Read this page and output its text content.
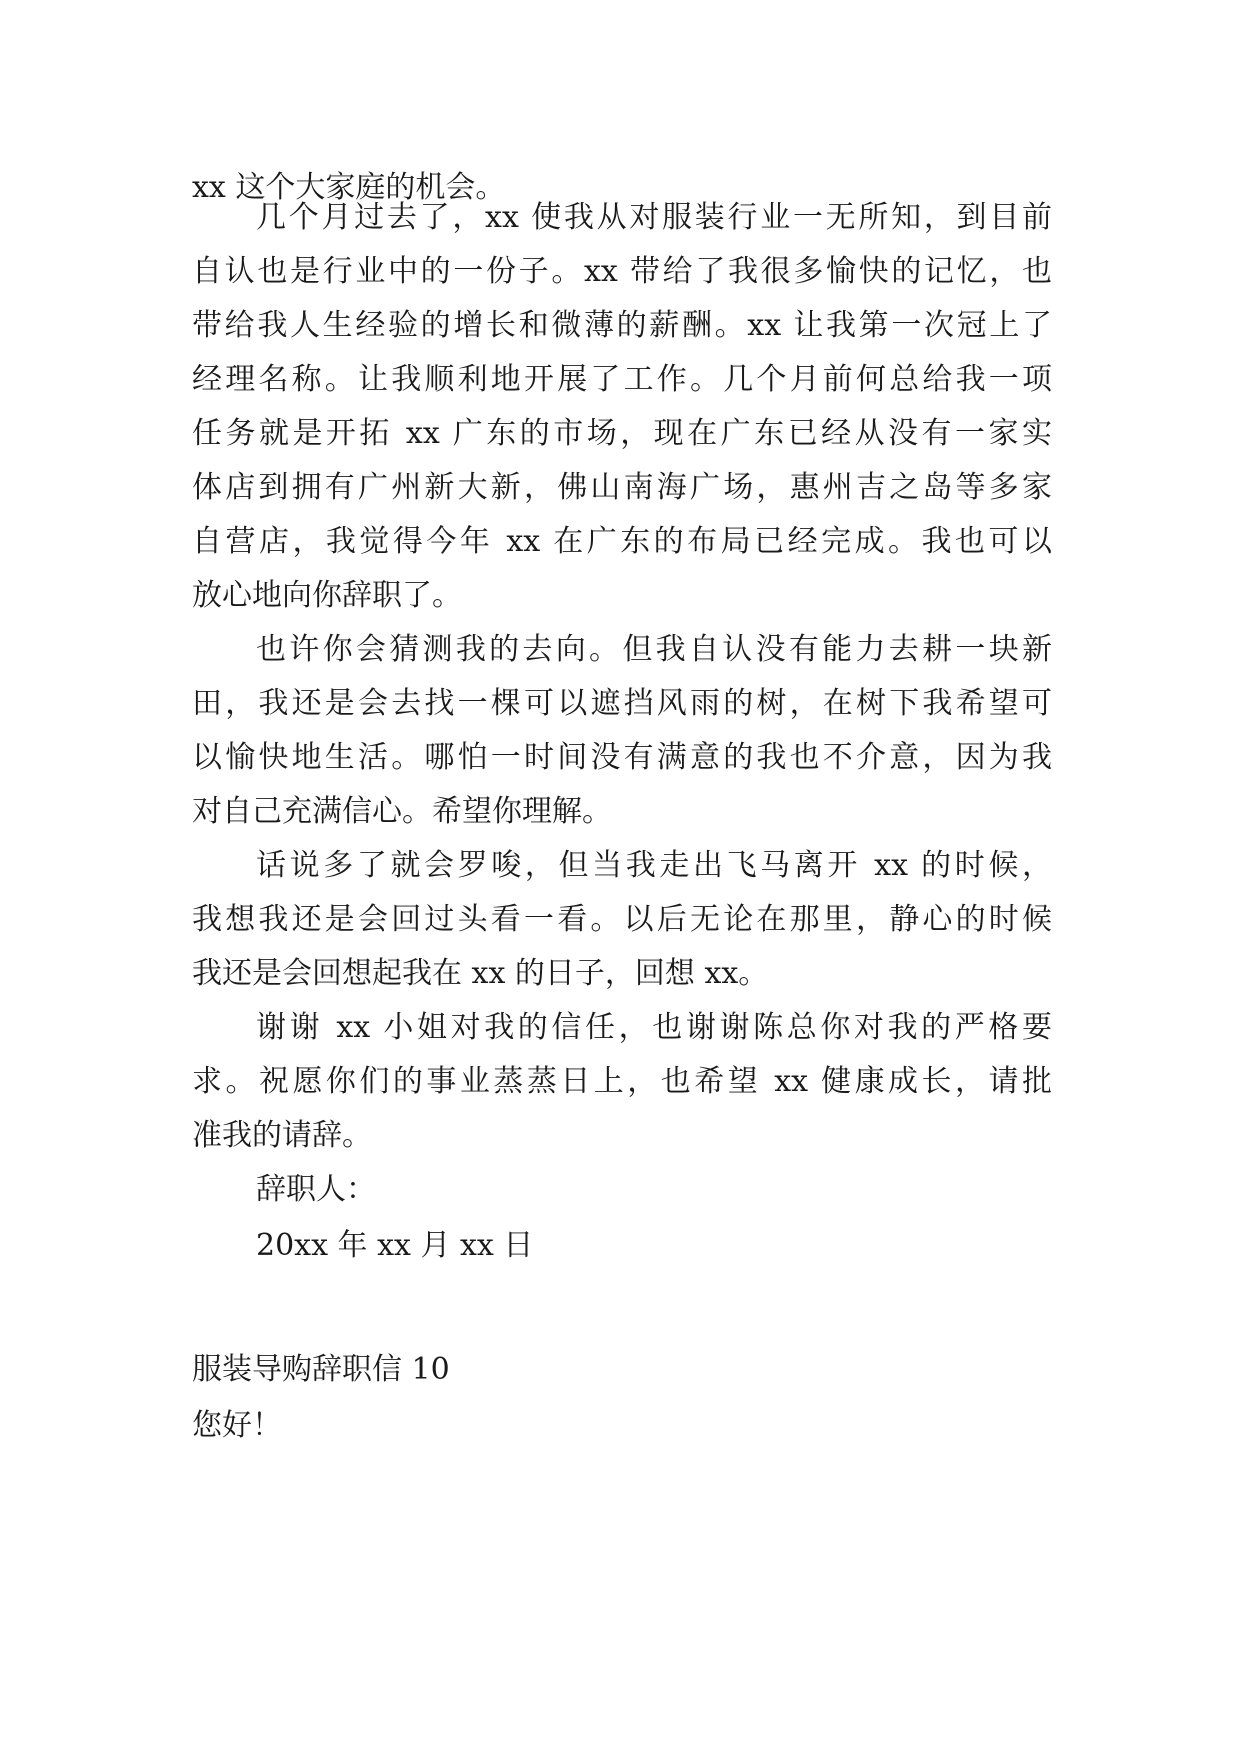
xx 这个大家庭的机会。
几个月过去了，xx 使我从对服装行业一无所知，到目前
自认也是行业中的一份子。xx 带给了我很多愉快的记忆，也
带给我人生经验的增长和微薄的薪酬。xx 让我第一次冠上了
经理名称。让我顺利地开展了工作。几个月前何总给我一项
任务就是开拓 xx 广东的市场，现在广东已经从没有一家实
体店到拥有广州新大新，佛山南海广场，惠州吉之岛等多家
自营店，我觉得今年 xx 在广东的布局已经完成。我也可以
放心地向你辞职了。
也许你会猜测我的去向。但我自认没有能力去耕一块新
田，我还是会去找一棵可以遮挡风雨的树，在树下我希望可
以愉快地生活。哪怕一时间没有满意的我也不介意，因为我
对自己充满信心。希望你理解。
话说多了就会罗唆，但当我走出飞马离开 xx 的时候，
我想我还是会回过头看一看。以后无论在那里，静心的时候
我还是会回想起我在 xx 的日子，回想 xx。
谢谢 xx 小姐对我的信任，也谢谢陈总你对我的严格要
求。祝愿你们的事业蒸蒸日上，也希望 xx 健康成长，请批
准我的请辞。
辞职人：
20xx 年 xx 月 xx 日
服装导购辞职信 10
您好！
